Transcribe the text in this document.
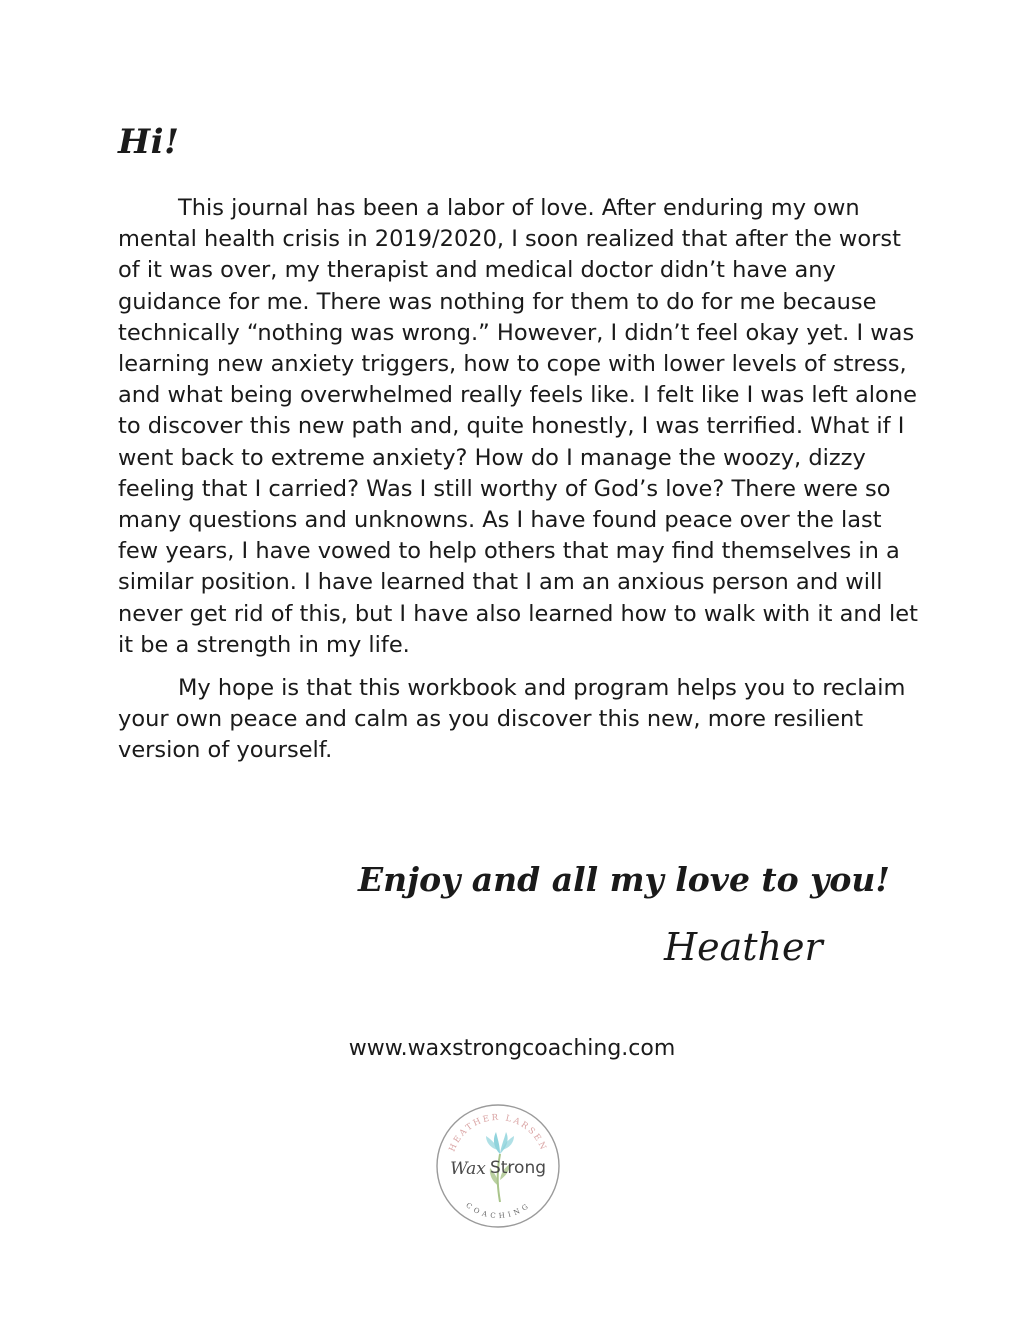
Hi!

This journal has been a labor of love. After enduring my own mental health crisis in 2019/2020, I soon realized that after the worst of it was over, my therapist and medical doctor didn’t have any guidance for me. There was nothing for them to do for me because technically “nothing was wrong.” However, I didn’t feel okay yet. I was learning new anxiety triggers, how to cope with lower levels of stress, and what being overwhelmed really feels like. I felt like I was left alone to discover this new path and, quite honestly, I was terrified. What if I went back to extreme anxiety? How do I manage the woozy, dizzy feeling that I carried? Was I still worthy of God’s love? There were so many questions and unknowns. As I have found peace over the last few years, I have vowed to help others that may find themselves in a similar position. I have learned that I am an anxious person and will never get rid of this, but I have also learned how to walk with it and let it be a strength in my life.

My hope is that this workbook and program helps you to reclaim your own peace and calm as you discover this new, more resilient version of yourself.

Enjoy and all my love to you!
Heather
www.waxstrongcoaching.com
HEATHER LARSEN
COACHING
Wax Strong
